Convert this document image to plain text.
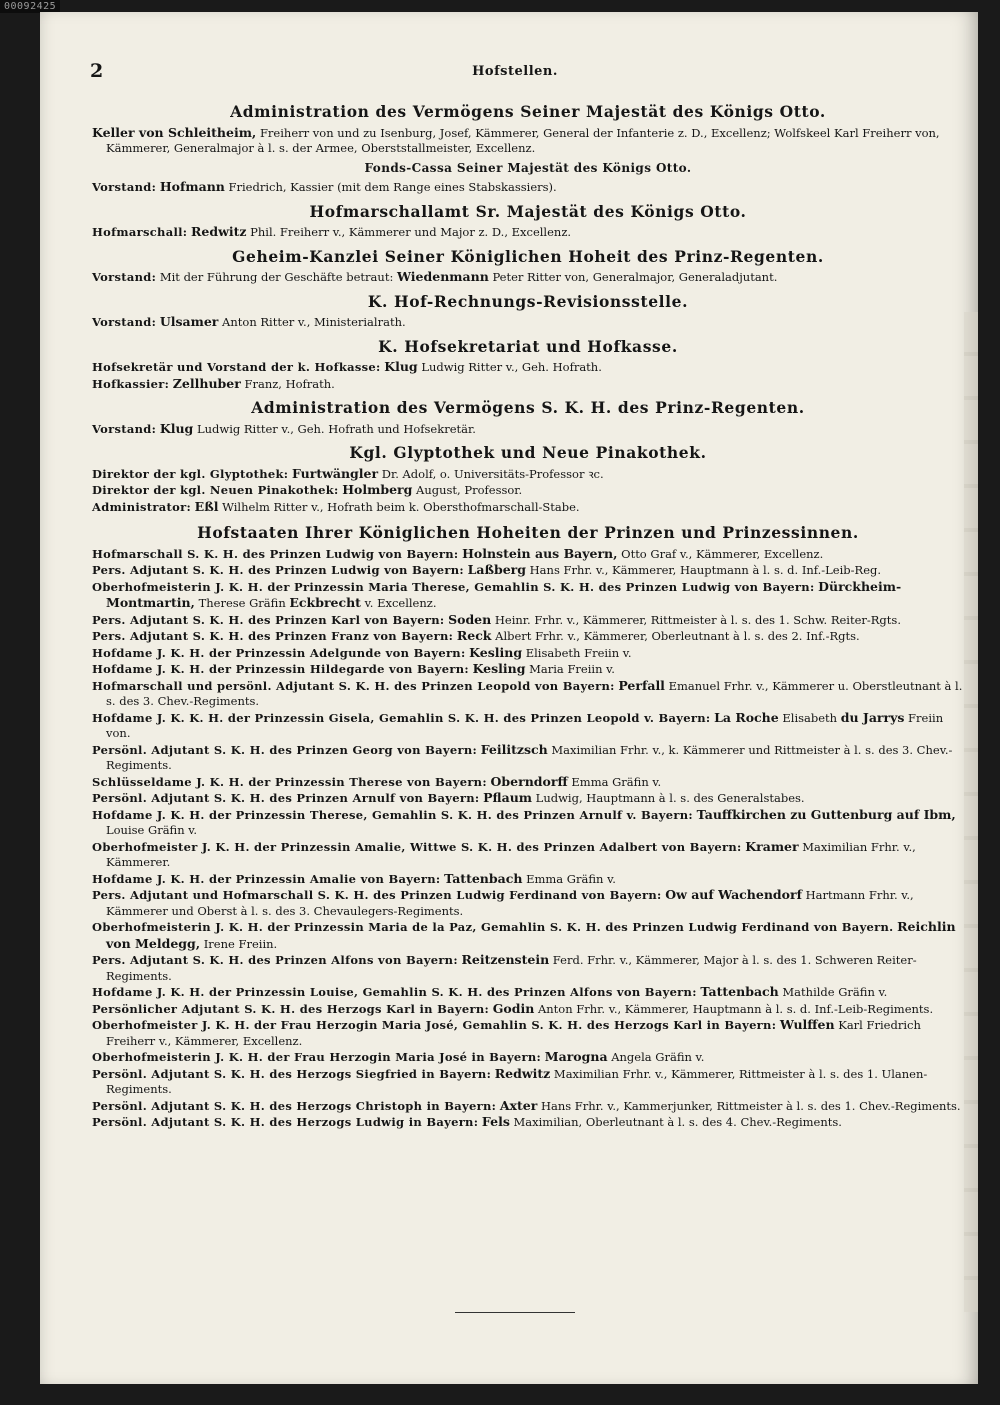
00092425
2	Hofstellen.
Administration des Vermögens Seiner Majestät des Königs Otto.

Keller von Schleitheim, Freiherr von und zu Isenburg, Josef, Kämmerer, General der Infanterie z. D., Excellenz; Wolfskeel Karl Freiherr von, Kämmerer, Generalmajor à l. s. der Armee, Oberststallmeister, Excellenz.

Fonds-Cassa Seiner Majestät des Königs Otto.

Vorstand: Hofmann Friedrich, Kassier (mit dem Range eines Stabskassiers).

Hofmarschallamt Sr. Majestät des Königs Otto.

Hofmarschall: Redwitz Phil. Freiherr v., Kämmerer und Major z. D., Excellenz.

Geheim-Kanzlei Seiner Königlichen Hoheit des Prinz-Regenten.

Vorstand: Mit der Führung der Geschäfte betraut: Wiedenmann Peter Ritter von, Generalmajor, Generaladjutant.

K. Hof-Rechnungs-Revisionsstelle.

Vorstand: Ulsamer Anton Ritter v., Ministerialrath.

K. Hofsekretariat und Hofkasse.

Hofsekretär und Vorstand der k. Hofkasse: Klug Ludwig Ritter v., Geh. Hofrath.

Hofkassier: Zellhuber Franz, Hofrath.

Administration des Vermögens S. K. H. des Prinz-Regenten.

Vorstand: Klug Ludwig Ritter v., Geh. Hofrath und Hofsekretär.

Kgl. Glyptothek und Neue Pinakothek.

Direktor der kgl. Glyptothek: Furtwängler Dr. Adolf, o. Universitäts-Professor ꝛc.

Direktor der kgl. Neuen Pinakothek: Holmberg August, Professor.

Administrator: Eßl Wilhelm Ritter v., Hofrath beim k. Obersthofmarschall-Stabe.

Hofstaaten Ihrer Königlichen Hoheiten der Prinzen und Prinzessinnen.

Hofmarschall S. K. H. des Prinzen Ludwig von Bayern: Holnstein aus Bayern, Otto Graf v., Kämmerer, Excellenz.

Pers. Adjutant S. K. H. des Prinzen Ludwig von Bayern: Laßberg Hans Frhr. v., Kämmerer, Hauptmann à l. s. d. Inf.-Leib-Reg.

Oberhofmeisterin J. K. H. der Prinzessin Maria Therese, Gemahlin S. K. H. des Prinzen Ludwig von Bayern: Dürckheim-Montmartin, Therese Gräfin Eckbrecht v. Excellenz.

Pers. Adjutant S. K. H. des Prinzen Karl von Bayern: Soden Heinr. Frhr. v., Kämmerer, Rittmeister à l. s. des 1. Schw. Reiter-Rgts.

Pers. Adjutant S. K. H. des Prinzen Franz von Bayern: Reck Albert Frhr. v., Kämmerer, Oberleutnant à l. s. des 2. Inf.-Rgts.

Hofdame J. K. H. der Prinzessin Adelgunde von Bayern: Kesling Elisabeth Freiin v.

Hofdame J. K. H. der Prinzessin Hildegarde von Bayern: Kesling Maria Freiin v.

Hofmarschall und persönl. Adjutant S. K. H. des Prinzen Leopold von Bayern: Perfall Emanuel Frhr. v., Kämmerer u. Oberstleutnant à l. s. des 3. Chev.-Regiments.

Hofdame J. K. K. H. der Prinzessin Gisela, Gemahlin S. K. H. des Prinzen Leopold v. Bayern: La Roche Elisabeth du Jarrys Freiin von.

Persönl. Adjutant S. K. H. des Prinzen Georg von Bayern: Feilitzsch Maximilian Frhr. v., k. Kämmerer und Rittmeister à l. s. des 3. Chev.-Regiments.

Schlüsseldame J. K. H. der Prinzessin Therese von Bayern: Oberndorff Emma Gräfin v.

Persönl. Adjutant S. K. H. des Prinzen Arnulf von Bayern: Pflaum Ludwig, Hauptmann à l. s. des Generalstabes.

Hofdame J. K. H. der Prinzessin Therese, Gemahlin S. K. H. des Prinzen Arnulf v. Bayern: Tauffkirchen zu Guttenburg auf Ibm, Louise Gräfin v.

Oberhofmeister J. K. H. der Prinzessin Amalie, Wittwe S. K. H. des Prinzen Adalbert von Bayern: Kramer Maximilian Frhr. v., Kämmerer.

Hofdame J. K. H. der Prinzessin Amalie von Bayern: Tattenbach Emma Gräfin v.

Pers. Adjutant und Hofmarschall S. K. H. des Prinzen Ludwig Ferdinand von Bayern: Ow auf Wachendorf Hartmann Frhr. v., Kämmerer und Oberst à l. s. des 3. Chevaulegers-Regiments.

Oberhofmeisterin J. K. H. der Prinzessin Maria de la Paz, Gemahlin S. K. H. des Prinzen Ludwig Ferdinand von Bayern. Reichlin von Meldegg, Irene Freiin.

Pers. Adjutant S. K. H. des Prinzen Alfons von Bayern: Reitzenstein Ferd. Frhr. v., Kämmerer, Major à l. s. des 1. Schweren Reiter-Regiments.

Hofdame J. K. H. der Prinzessin Louise, Gemahlin S. K. H. des Prinzen Alfons von Bayern: Tattenbach Mathilde Gräfin v.

Persönlicher Adjutant S. K. H. des Herzogs Karl in Bayern: Godin Anton Frhr. v., Kämmerer, Hauptmann à l. s. d. Inf.-Leib-Regiments.

Oberhofmeister J. K. H. der Frau Herzogin Maria José, Gemahlin S. K. H. des Herzogs Karl in Bayern: Wulffen Karl Friedrich Freiherr v., Kämmerer, Excellenz.

Oberhofmeisterin J. K. H. der Frau Herzogin Maria José in Bayern: Marogna Angela Gräfin v.

Persönl. Adjutant S. K. H. des Herzogs Siegfried in Bayern: Redwitz Maximilian Frhr. v., Kämmerer, Rittmeister à l. s. des 1. Ulanen-Regiments.

Persönl. Adjutant S. K. H. des Herzogs Christoph in Bayern: Axter Hans Frhr. v., Kammerjunker, Rittmeister à l. s. des 1. Chev.-Regiments.

Persönl. Adjutant S. K. H. des Herzogs Ludwig in Bayern: Fels Maximilian, Oberleutnant à l. s. des 4. Chev.-Regiments.
